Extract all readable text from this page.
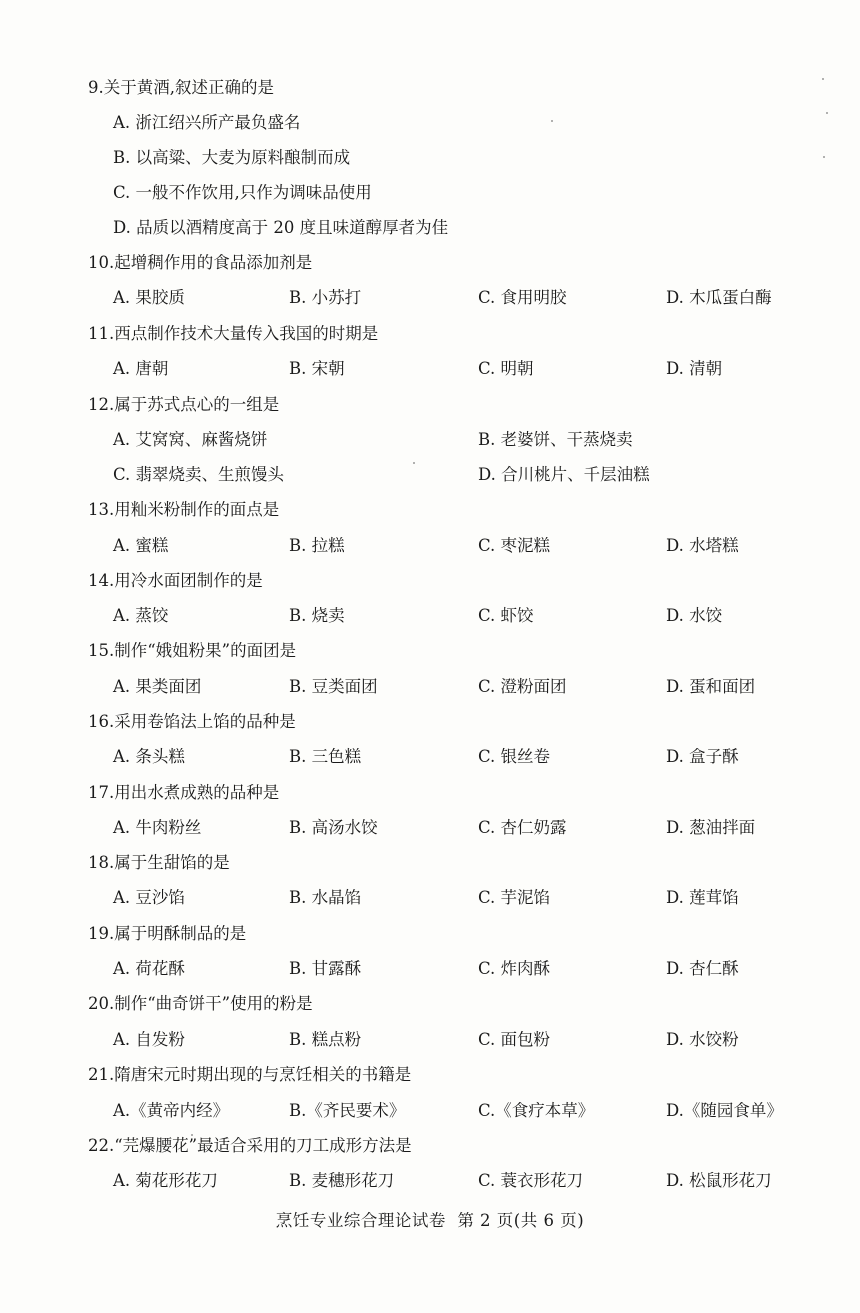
9.关于黄酒,叙述正确的是
A. 浙江绍兴所产最负盛名
B. 以高粱、大麦为原料酿制而成
C. 一般不作饮用,只作为调味品使用
D. 品质以酒精度高于 20 度且味道醇厚者为佳
10.起增稠作用的食品添加剂是
A. 果胶质	B. 小苏打	C. 食用明胶	D. 木瓜蛋白酶
11.西点制作技术大量传入我国的时期是
A. 唐朝	B. 宋朝	C. 明朝	D. 清朝
12.属于苏式点心的一组是
A. 艾窝窝、麻酱烧饼	B. 老婆饼、干蒸烧卖
C. 翡翠烧卖、生煎馒头	D. 合川桃片、千层油糕
13.用籼米粉制作的面点是
A. 蜜糕	B. 拉糕	C. 枣泥糕	D. 水塔糕
14.用冷水面团制作的是
A. 蒸饺	B. 烧卖	C. 虾饺	D. 水饺
15.制作“娥姐粉果”的面团是
A. 果类面团	B. 豆类面团	C. 澄粉面团	D. 蛋和面团
16.采用卷馅法上馅的品种是
A. 条头糕	B. 三色糕	C. 银丝卷	D. 盒子酥
17.用出水煮成熟的品种是
A. 牛肉粉丝	B. 高汤水饺	C. 杏仁奶露	D. 葱油拌面
18.属于生甜馅的是
A. 豆沙馅	B. 水晶馅	C. 芋泥馅	D. 莲茸馅
19.属于明酥制品的是
A. 荷花酥	B. 甘露酥	C. 炸肉酥	D. 杏仁酥
20.制作“曲奇饼干”使用的粉是
A. 自发粉	B. 糕点粉	C. 面包粉	D. 水饺粉
21.隋唐宋元时期出现的与烹饪相关的书籍是
A.《黄帝内经》	B.《齐民要术》	C.《食疗本草》	D.《随园食单》
22.“芫爆腰花”最适合采用的刀工成形方法是
A. 菊花形花刀	B. 麦穗形花刀	C. 蓑衣形花刀	D. 松鼠形花刀
烹饪专业综合理论试卷 第 2 页(共 6 页)
